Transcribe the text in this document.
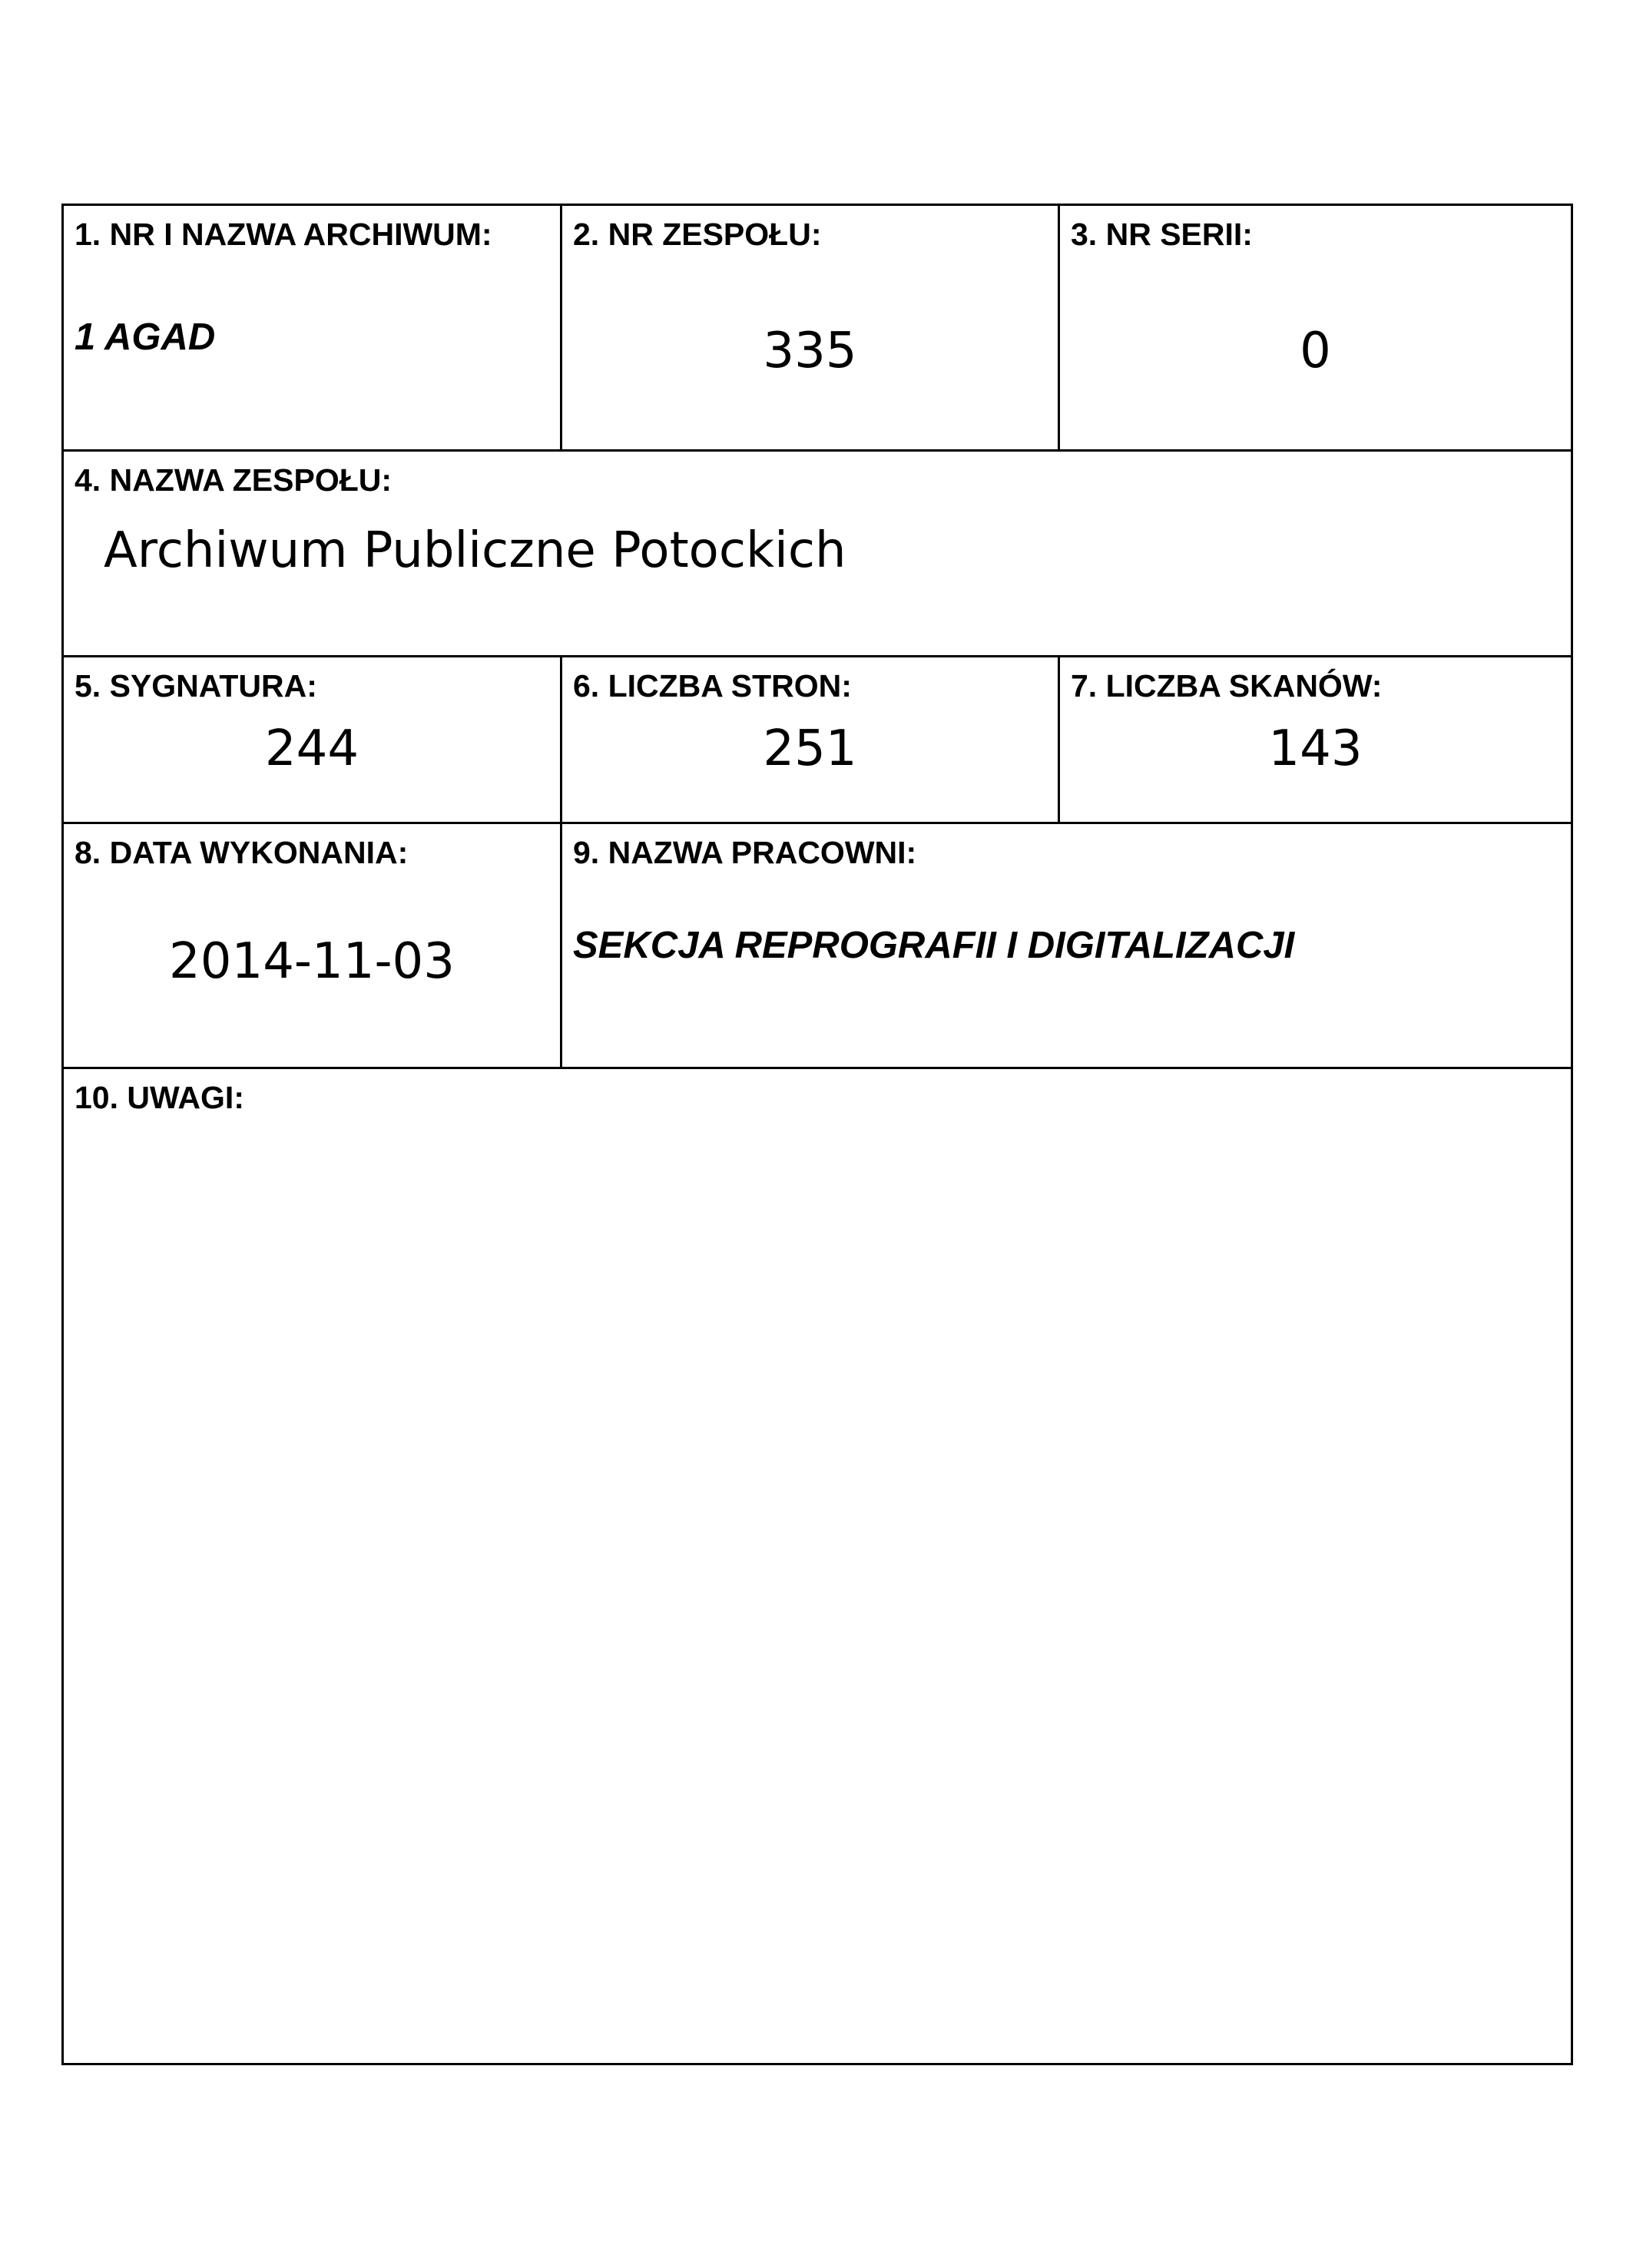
1. NR I NAZWA ARCHIWUM:
1 AGAD
2. NR ZESPOŁU:
335
3. NR SERII:
0
4. NAZWA ZESPOŁU:
Archiwum Publiczne Potockich
5. SYGNATURA:
244
6. LICZBA STRON:
251
7. LICZBA SKANÓW:
143
8. DATA WYKONANIA:
2014-11-03
9. NAZWA PRACOWNI:
SEKCJA REPROGRAFII I DIGITALIZACJI
10. UWAGI:
